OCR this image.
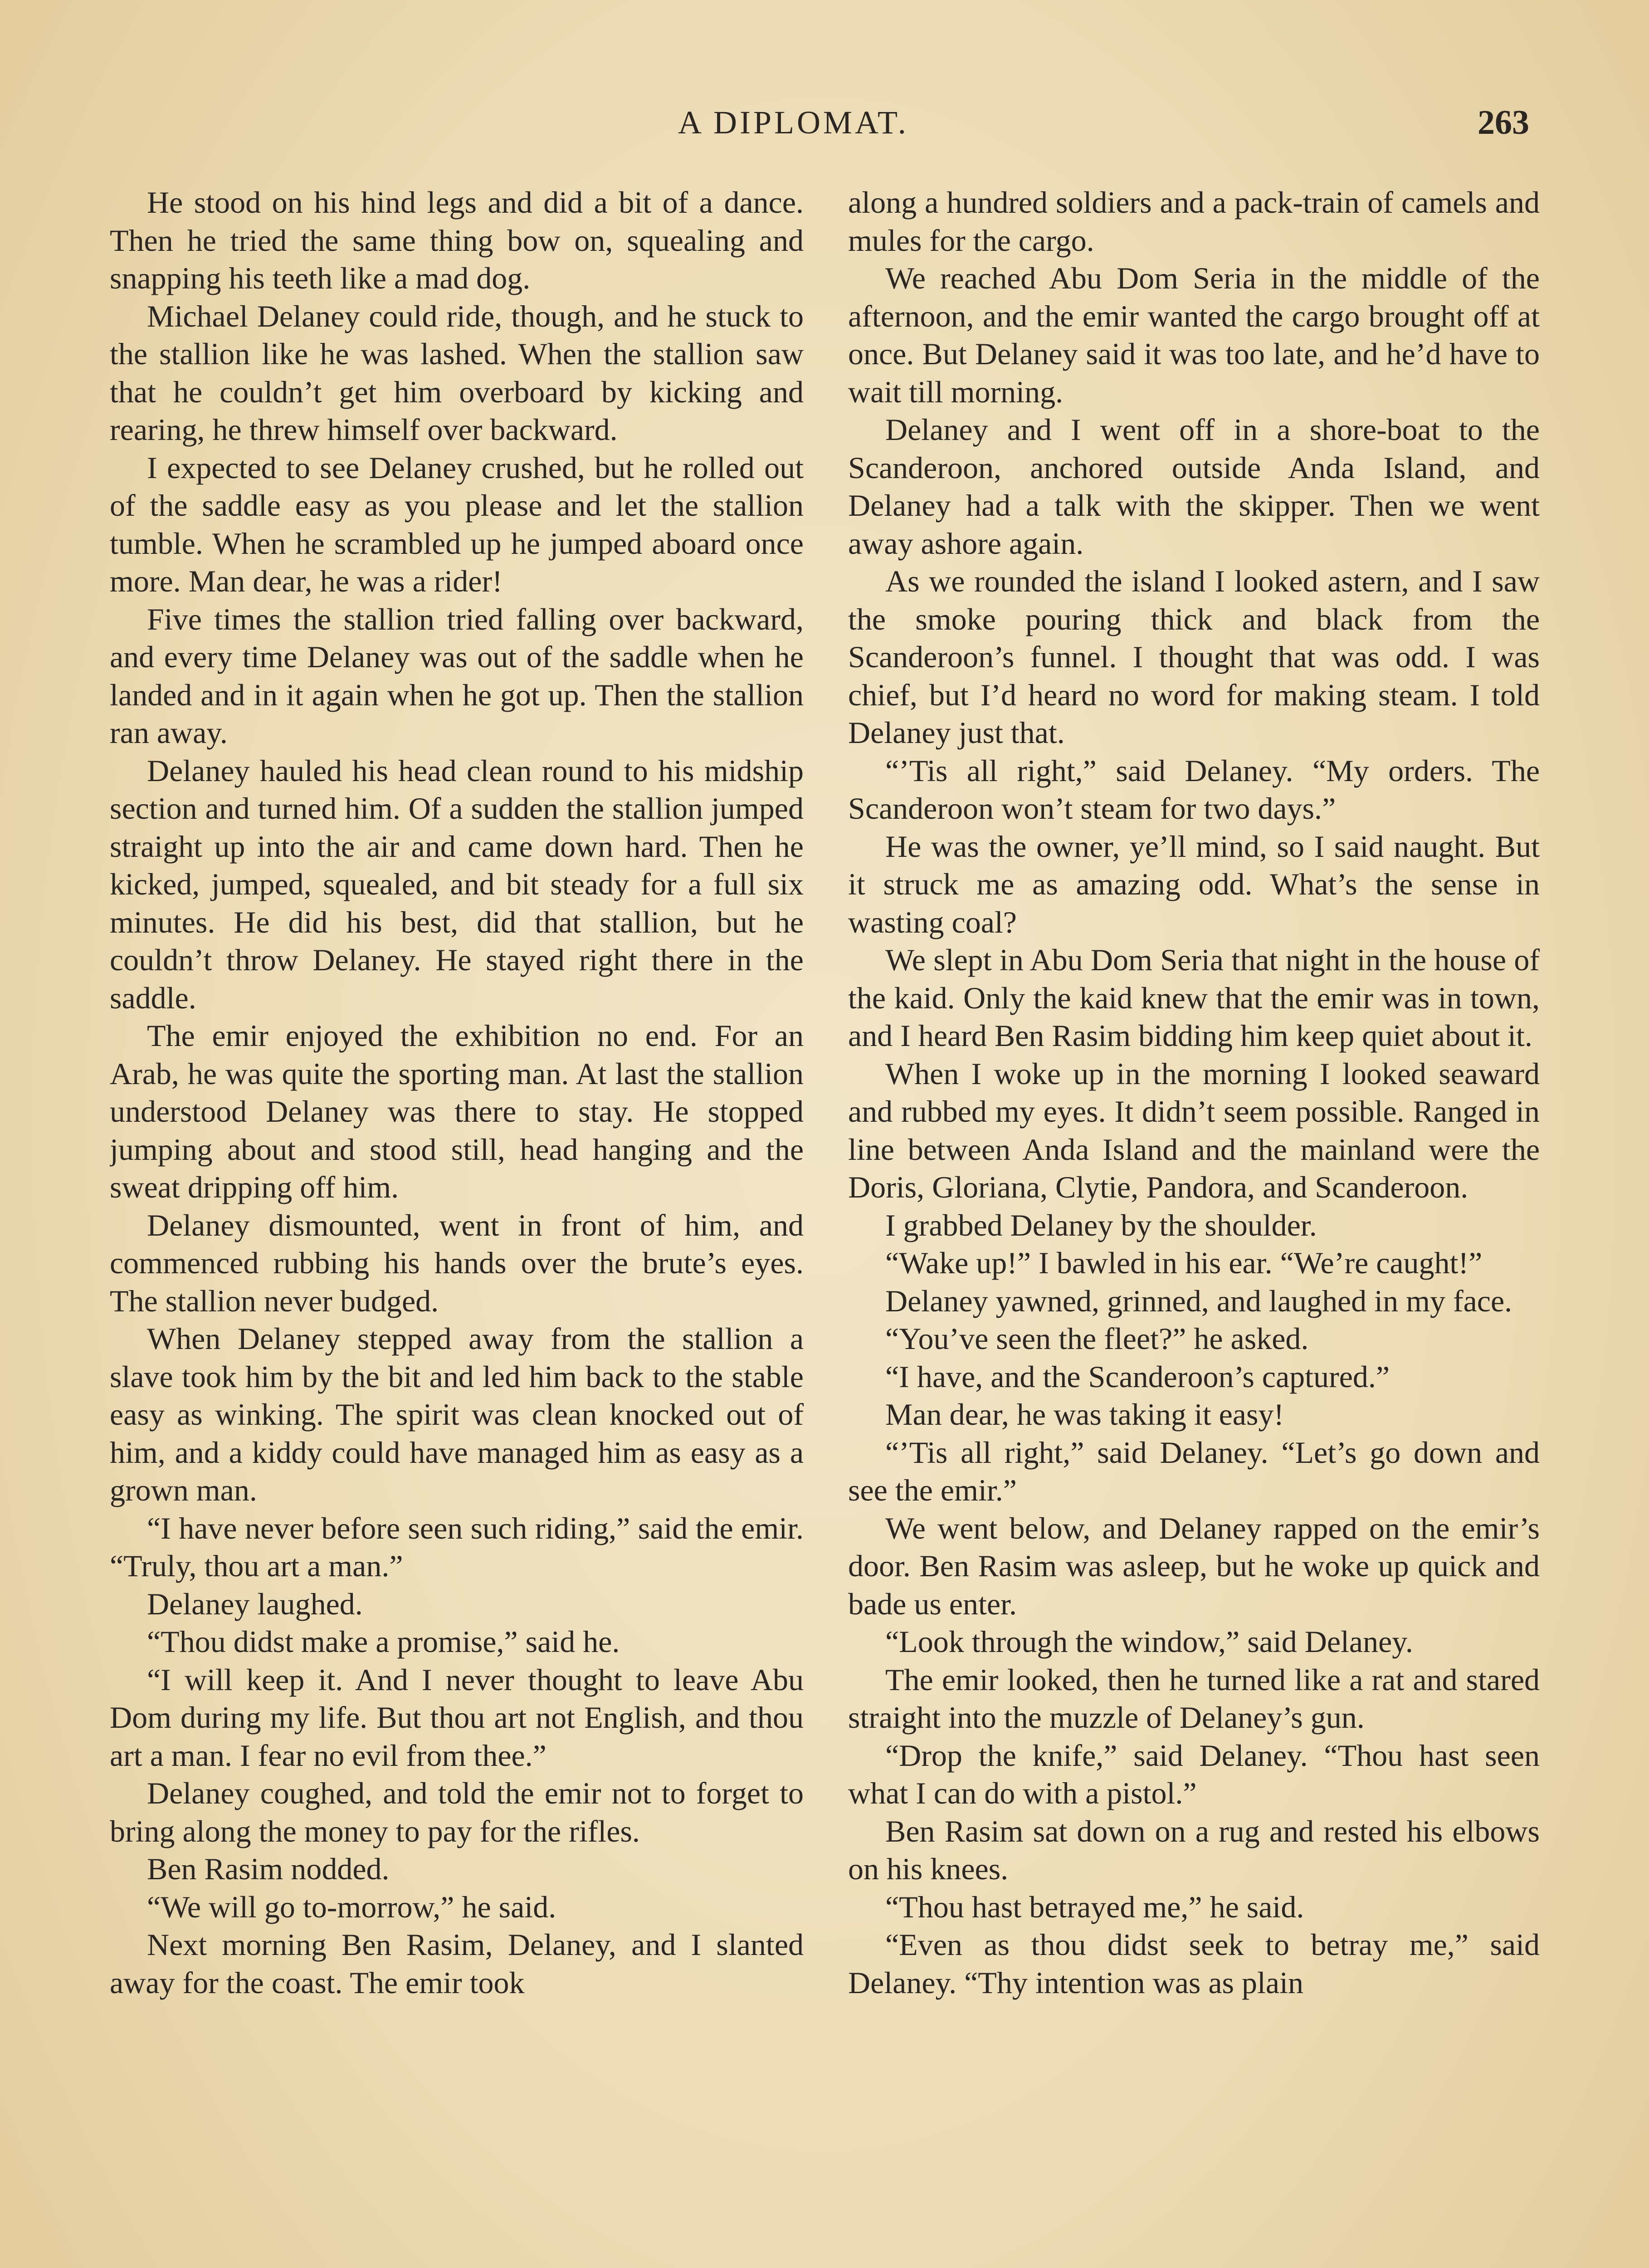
A DIPLOMAT.	263

He stood on his hind legs and did a bit of a dance. Then he tried the same thing bow on, squealing and snapping his teeth like a mad dog.

Michael Delaney could ride, though, and he stuck to the stallion like he was lashed. When the stallion saw that he couldn’t get him overboard by kicking and rearing, he threw himself over backward.

I expected to see Delaney crushed, but he rolled out of the saddle easy as you please and let the stallion tumble. When he scrambled up he jumped aboard once more. Man dear, he was a rider!

Five times the stallion tried falling over backward, and every time Delaney was out of the saddle when he landed and in it again when he got up. Then the stallion ran away.

Delaney hauled his head clean round to his midship section and turned him. Of a sudden the stallion jumped straight up into the air and came down hard. Then he kicked, jumped, squealed, and bit steady for a full six minutes. He did his best, did that stallion, but he couldn’t throw Delaney. He stayed right there in the saddle.

The emir enjoyed the exhibition no end. For an Arab, he was quite the sporting man. At last the stallion understood Delaney was there to stay. He stopped jumping about and stood still, head hanging and the sweat dripping off him.

Delaney dismounted, went in front of him, and commenced rubbing his hands over the brute’s eyes. The stallion never budged.

When Delaney stepped away from the stallion a slave took him by the bit and led him back to the stable easy as winking. The spirit was clean knocked out of him, and a kiddy could have managed him as easy as a grown man.

“I have never before seen such riding,” said the emir. “Truly, thou art a man.”

Delaney laughed.

“Thou didst make a promise,” said he.

“I will keep it. And I never thought to leave Abu Dom during my life. But thou art not English, and thou art a man. I fear no evil from thee.”

Delaney coughed, and told the emir not to forget to bring along the money to pay for the rifles.

Ben Rasim nodded.

“We will go to-morrow,” he said.

Next morning Ben Rasim, Delaney, and I slanted away for the coast. The emir took

along a hundred soldiers and a pack-train of camels and mules for the cargo.

We reached Abu Dom Seria in the middle of the afternoon, and the emir wanted the cargo brought off at once. But Delaney said it was too late, and he’d have to wait till morning.

Delaney and I went off in a shore-boat to the Scanderoon, anchored outside Anda Island, and Delaney had a talk with the skipper. Then we went away ashore again.

As we rounded the island I looked astern, and I saw the smoke pouring thick and black from the Scanderoon’s funnel. I thought that was odd. I was chief, but I’d heard no word for making steam. I told Delaney just that.

“’Tis all right,” said Delaney. “My orders. The Scanderoon won’t steam for two days.”

He was the owner, ye’ll mind, so I said naught. But it struck me as amazing odd. What’s the sense in wasting coal?

We slept in Abu Dom Seria that night in the house of the kaid. Only the kaid knew that the emir was in town, and I heard Ben Rasim bidding him keep quiet about it.

When I woke up in the morning I looked seaward and rubbed my eyes. It didn’t seem possible. Ranged in line between Anda Island and the mainland were the Doris, Gloriana, Clytie, Pandora, and Scanderoon.

I grabbed Delaney by the shoulder.

“Wake up!” I bawled in his ear. “We’re caught!”

Delaney yawned, grinned, and laughed in my face.

“You’ve seen the fleet?” he asked.

“I have, and the Scanderoon’s captured.”

Man dear, he was taking it easy!

“’Tis all right,” said Delaney. “Let’s go down and see the emir.”

We went below, and Delaney rapped on the emir’s door. Ben Rasim was asleep, but he woke up quick and bade us enter.

“Look through the window,” said Delaney.

The emir looked, then he turned like a rat and stared straight into the muzzle of Delaney’s gun.

“Drop the knife,” said Delaney. “Thou hast seen what I can do with a pistol.”

Ben Rasim sat down on a rug and rested his elbows on his knees.

“Thou hast betrayed me,” he said.

“Even as thou didst seek to betray me,” said Delaney. “Thy intention was as plain
